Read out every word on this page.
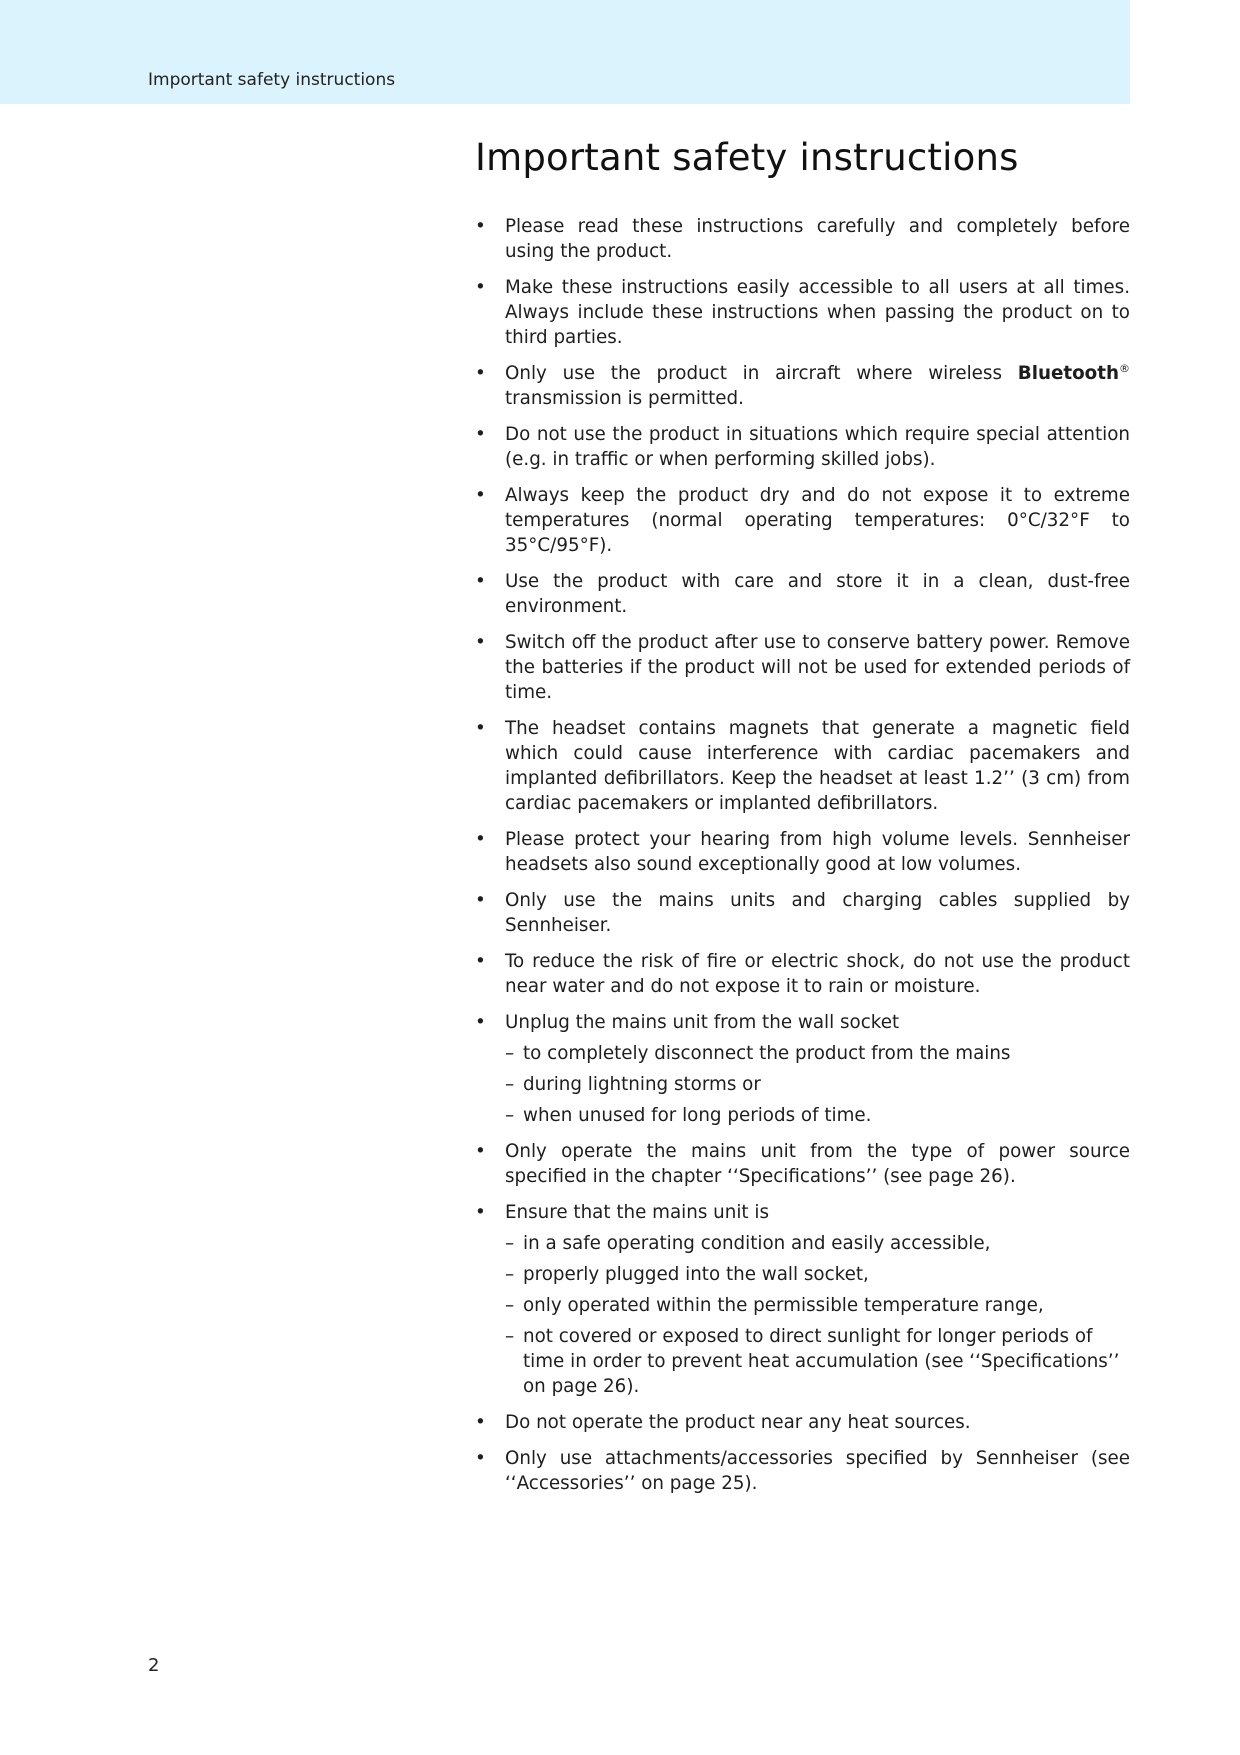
Important safety instructions
Important safety instructions
• Please read these instructions carefully and completely before using the product.
• Make these instructions easily accessible to all users at all times. Always include these instructions when passing the product on to third parties.
• Only use the product in aircraft where wireless Bluetooth® transmission is permitted.
• Do not use the product in situations which require special attention (e.g. in traffic or when performing skilled jobs).
• Always keep the product dry and do not expose it to extreme temperatures (normal operating temperatures: 0°C/32°F to 35°C/95°F).
• Use the product with care and store it in a clean, dust-free environment.
• Switch off the product after use to conserve battery power. Remove the batteries if the product will not be used for extended periods of time.
• The headset contains magnets that generate a magnetic field which could cause interference with cardiac pacemakers and implanted defibrillators. Keep the headset at least 1.2’’ (3 cm) from cardiac pacemakers or implanted defibrillators.
• Please protect your hearing from high volume levels. Sennheiser headsets also sound exceptionally good at low volumes.
• Only use the mains units and charging cables supplied by Sennheiser.
• To reduce the risk of fire or electric shock, do not use the product near water and do not expose it to rain or moisture.
• Unplug the mains unit from the wall socket
– to completely disconnect the product from the mains
– during lightning storms or
– when unused for long periods of time.
• Only operate the mains unit from the type of power source specified in the chapter ‘‘Specifications’’ (see page 26).
• Ensure that the mains unit is
– in a safe operating condition and easily accessible,
– properly plugged into the wall socket,
– only operated within the permissible temperature range,
– not covered or exposed to direct sunlight for longer periods of time in order to prevent heat accumulation (see ‘‘Specifications’’ on page 26).
• Do not operate the product near any heat sources.
• Only use attachments/accessories specified by Sennheiser (see ‘‘Accessories’’ on page 25).
2
